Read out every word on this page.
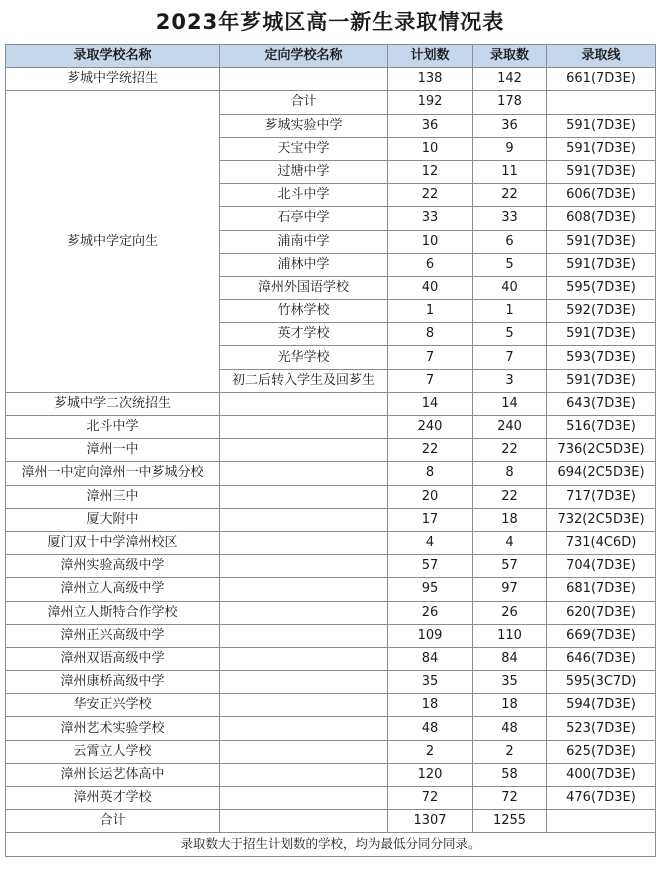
2023年芗城区高一新生录取情况表
录取学校名称	定向学校名称	计划数	录取数	录取线
芗城中学统招生		138	142	661(7D3E)
芗城中学定向生	合计	192	178	
	芗城实验中学	36	36	591(7D3E)
	天宝中学	10	9	591(7D3E)
	过塘中学	12	11	591(7D3E)
	北斗中学	22	22	606(7D3E)
	石亭中学	33	33	608(7D3E)
	浦南中学	10	6	591(7D3E)
	浦林中学	6	5	591(7D3E)
	漳州外国语学校	40	40	595(7D3E)
	竹林学校	1	1	592(7D3E)
	英才学校	8	5	591(7D3E)
	光华学校	7	7	593(7D3E)
	初二后转入学生及回芗生	7	3	591(7D3E)
芗城中学二次统招生		14	14	643(7D3E)
北斗中学		240	240	516(7D3E)
漳州一中		22	22	736(2C5D3E)
漳州一中定向漳州一中芗城分校		8	8	694(2C5D3E)
漳州三中		20	22	717(7D3E)
厦大附中		17	18	732(2C5D3E)
厦门双十中学漳州校区		4	4	731(4C6D)
漳州实验高级中学		57	57	704(7D3E)
漳州立人高级中学		95	97	681(7D3E)
漳州立人斯特合作学校		26	26	620(7D3E)
漳州正兴高级中学		109	110	669(7D3E)
漳州双语高级中学		84	84	646(7D3E)
漳州康桥高级中学		35	35	595(3C7D)
华安正兴学校		18	18	594(7D3E)
漳州艺术实验学校		48	48	523(7D3E)
云霄立人学校		2	2	625(7D3E)
漳州长运艺体高中		120	58	400(7D3E)
漳州英才学校		72	72	476(7D3E)
合计		1307	1255	
录取数大于招生计划数的学校，均为最低分同分同录。				
